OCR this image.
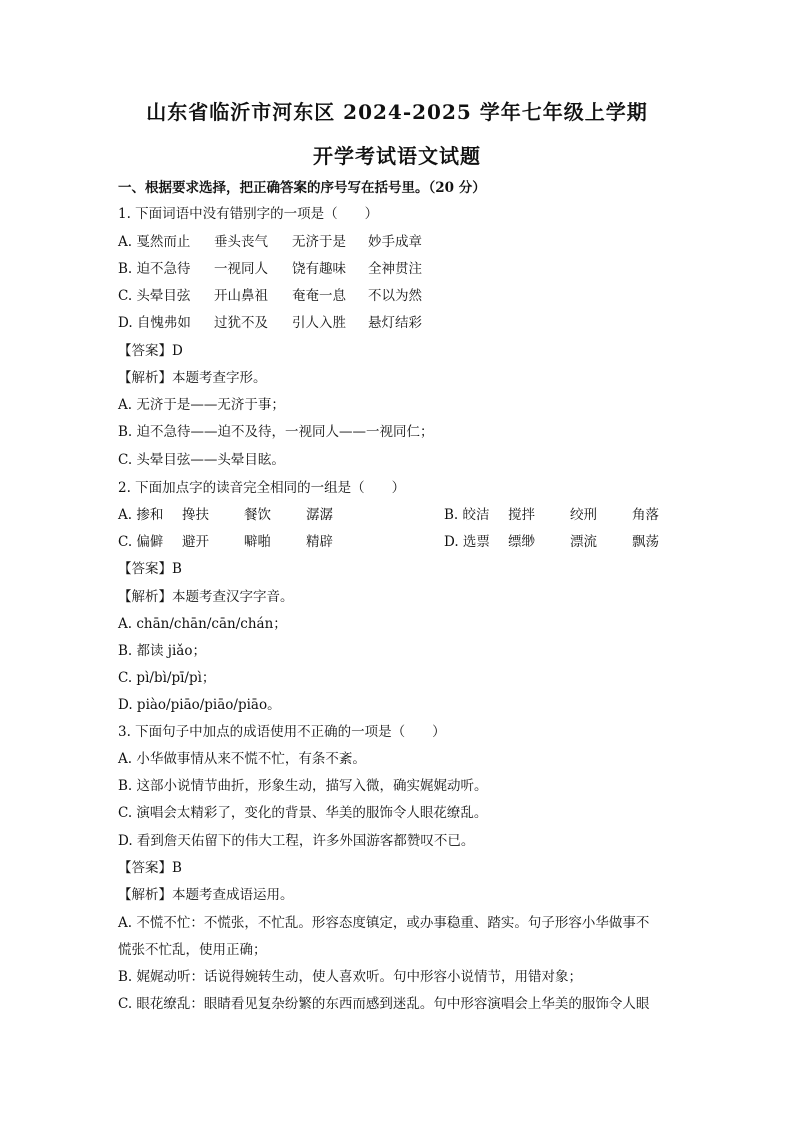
山东省临沂市河东区 2024-2025 学年七年级上学期
开学考试语文试题
一、根据要求选择，把正确答案的序号写在括号里。（20 分）
1. 下面词语中没有错别字的一项是（　　）
A. 戛然而止 垂头丧气 无济于是 妙手成章
B. 迫不急待 一视同人 饶有趣味 全神贯注
C. 头晕目弦 开山鼻祖 奄奄一息 不以为然
D. 自愧弗如 过犹不及 引人入胜 悬灯结彩
【答案】D
【解析】本题考查字形。
A. 无济于是——无济于事；
B. 迫不急待——迫不及待，一视同人——一视同仁；
C. 头晕目弦——头晕目眩。
2. 下面加点字的读音完全相同的一组是（　　）
A. 掺和 搀扶	餐饮	潺潺	B. 皎洁 搅拌	绞刑	角落
C. 偏僻 避开	噼啪	精辟	D. 选票 缥缈	漂流	飘荡
【答案】B
【解析】本题考查汉字字音。
A. chān/chān/cān/chán；
B. 都读 jiǎo；
C. pì/bì/pī/pì；
D. piào/piāo/piāo/piāo。
3. 下面句子中加点的成语使用不正确的一项是（　　）
A. 小华做事情从来不慌不忙，有条不紊。
B. 这部小说情节曲折，形象生动，描写入微，确实娓娓动听。
C. 演唱会太精彩了，变化的背景、华美的服饰令人眼花缭乱。
D. 看到詹天佑留下的伟大工程，许多外国游客都赞叹不已。
【答案】B
【解析】本题考查成语运用。
A. 不慌不忙：不慌张，不忙乱。形容态度镇定，或办事稳重、踏实。句子形容小华做事不
慌张不忙乱，使用正确；
B. 娓娓动听：话说得婉转生动，使人喜欢听。句中形容小说情节，用错对象；
C. 眼花缭乱：眼睛看见复杂纷繁的东西而感到迷乱。句中形容演唱会上华美的服饰令人眼
